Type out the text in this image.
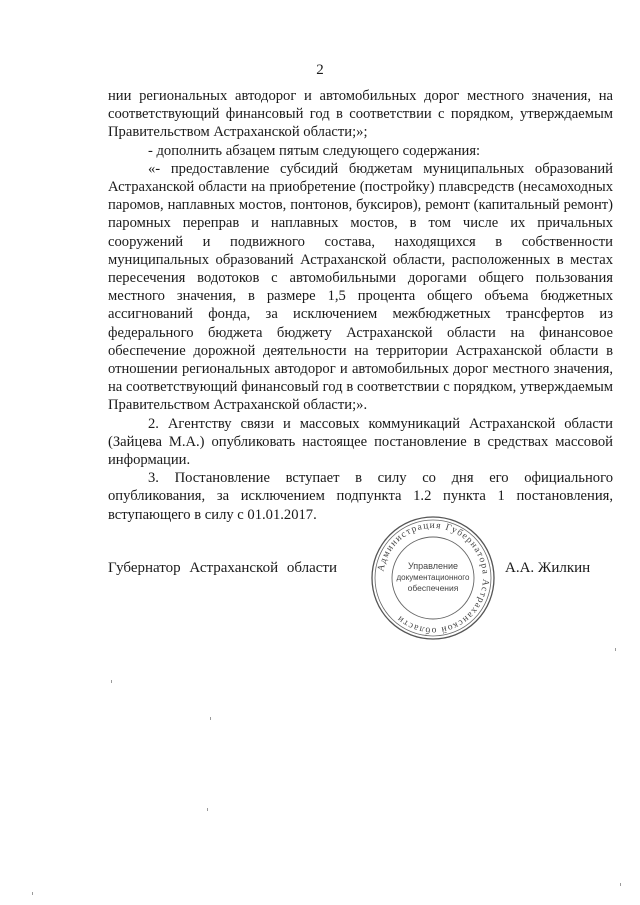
2

нии региональных автодорог и автомобильных дорог местного значения, на соответствующий финансовый год в соответствии с порядком, утверждаемым Правительством Астраханской области;»;

- дополнить абзацем пятым следующего содержания:

«- предоставление субсидий бюджетам муниципальных образований Астраханской области на приобретение (постройку) плавсредств (несамоходных паромов, наплавных мостов, понтонов, буксиров), ремонт (капитальный ремонт) паромных переправ и наплавных мостов, в том числе их причальных сооружений и подвижного состава, находящихся в собственности муниципальных образований Астраханской области, расположенных в местах пересечения водотоков с автомобильными дорогами общего пользования местного значения, в размере 1,5 процента общего объема бюджетных ассигнований фонда, за исключением межбюджетных трансфертов из федерального бюджета бюджету Астраханской области на финансовое обеспечение дорожной деятельности на территории Астраханской области в отношении региональных автодорог и автомобильных дорог местного значения, на соответствующий финансовый год в соответствии с порядком, утверждаемым Правительством Астраханской области;».

2. Агентству связи и массовых коммуникаций Астраханской области (Зайцева М.А.) опубликовать настоящее постановление в средствах массовой информации.

3. Постановление вступает в силу со дня его официального опубликования, за исключением подпункта 1.2 пункта 1 постановления, вступающего в силу с 01.01.2017.

Губернатор Астраханской области	А.А. Жилкин
Администрация Губернатора Астраханской области
Управление
документационного
обеспечения
